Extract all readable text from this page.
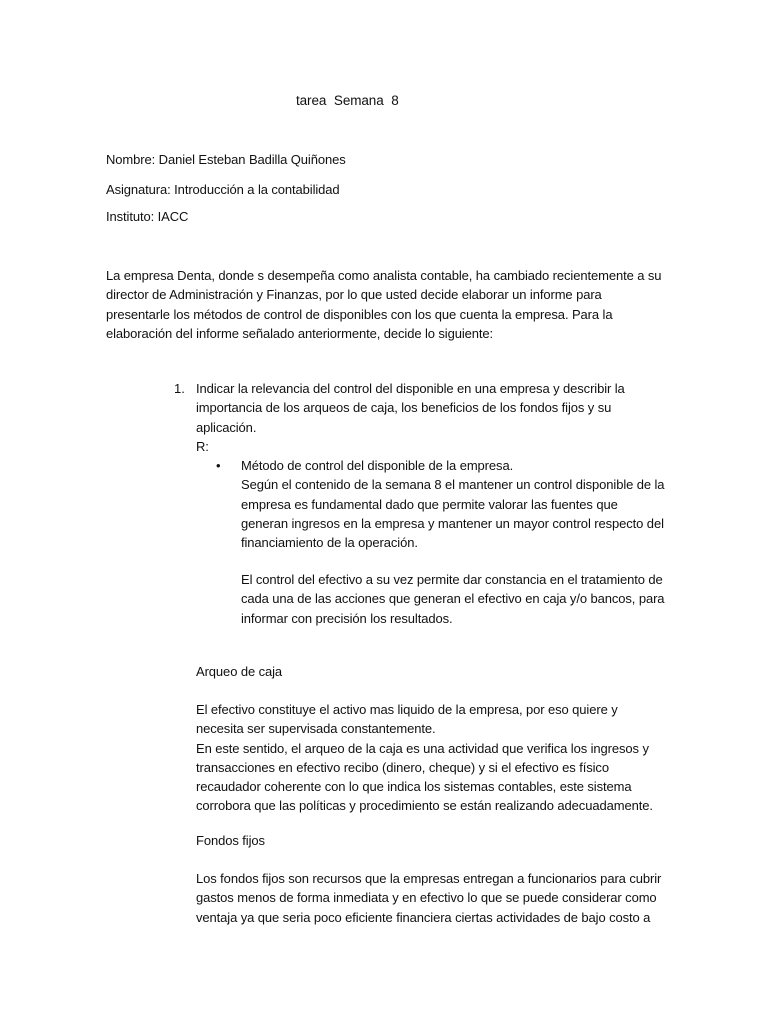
tarea Semana 8
Nombre: Daniel Esteban Badilla Quiñones
Asignatura: Introducción a la contabilidad
Instituto: IACC
La empresa Denta, donde s desempeña como analista contable, ha cambiado recientemente a su
director de Administración y Finanzas, por lo que usted decide elaborar un informe para
presentarle los métodos de control de disponibles con los que cuenta la empresa. Para la
elaboración del informe señalado anteriormente, decide lo siguiente:
1. Indicar la relevancia del control del disponible en una empresa y describir la
importancia de los arqueos de caja, los beneficios de los fondos fijos y su
aplicación.
R:
• Método de control del disponible de la empresa.
Según el contenido de la semana 8 el mantener un control disponible de la
empresa es fundamental dado que permite valorar las fuentes que
generan ingresos en la empresa y mantener un mayor control respecto del
financiamiento de la operación.
El control del efectivo a su vez permite dar constancia en el tratamiento de
cada una de las acciones que generan el efectivo en caja y/o bancos, para
informar con precisión los resultados.
Arqueo de caja
El efectivo constituye el activo mas liquido de la empresa, por eso quiere y
necesita ser supervisada constantemente.
En este sentido, el arqueo de la caja es una actividad que verifica los ingresos y
transacciones en efectivo recibo (dinero, cheque) y si el efectivo es físico
recaudador coherente con lo que indica los sistemas contables, este sistema
corrobora que las políticas y procedimiento se están realizando adecuadamente.
Fondos fijos
Los fondos fijos son recursos que la empresas entregan a funcionarios para cubrir
gastos menos de forma inmediata y en efectivo lo que se puede considerar como
ventaja ya que seria poco eficiente financiera ciertas actividades de bajo costo a
